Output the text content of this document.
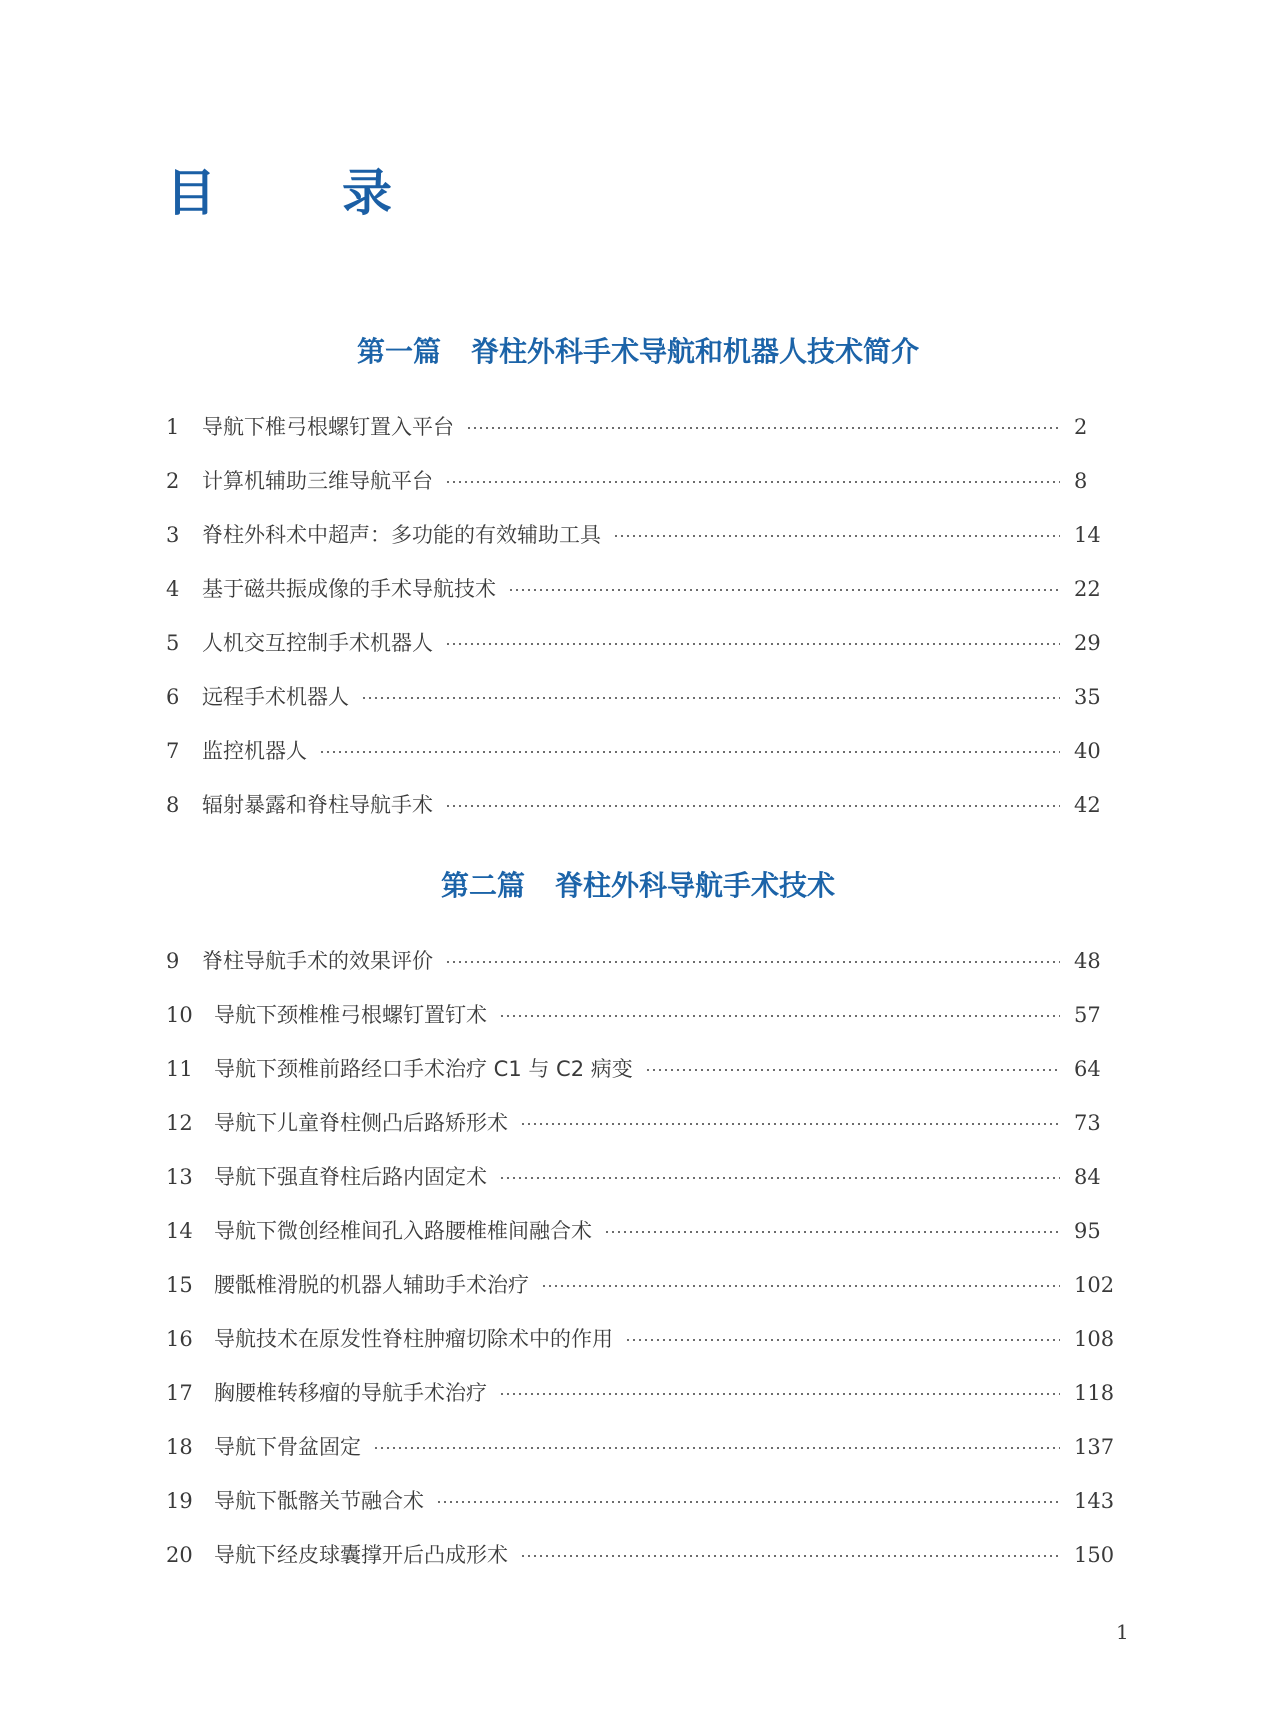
目　录
第一篇 脊柱外科手术导航和机器人技术简介
1	导航下椎弓根螺钉置入平台	2
2	计算机辅助三维导航平台	8
3	脊柱外科术中超声：多功能的有效辅助工具	14
4	基于磁共振成像的手术导航技术	22
5	人机交互控制手术机器人	29
6	远程手术机器人	35
7	监控机器人	40
8	辐射暴露和脊柱导航手术	42
第二篇 脊柱外科导航手术技术
9	脊柱导航手术的效果评价	48
10	导航下颈椎椎弓根螺钉置钉术	57
11	导航下颈椎前路经口手术治疗 C1 与 C2 病变	64
12	导航下儿童脊柱侧凸后路矫形术	73
13	导航下强直脊柱后路内固定术	84
14	导航下微创经椎间孔入路腰椎椎间融合术	95
15	腰骶椎滑脱的机器人辅助手术治疗	102
16	导航技术在原发性脊柱肿瘤切除术中的作用	108
17	胸腰椎转移瘤的导航手术治疗	118
18	导航下骨盆固定	137
19	导航下骶髂关节融合术	143
20	导航下经皮球囊撑开后凸成形术	150
1
